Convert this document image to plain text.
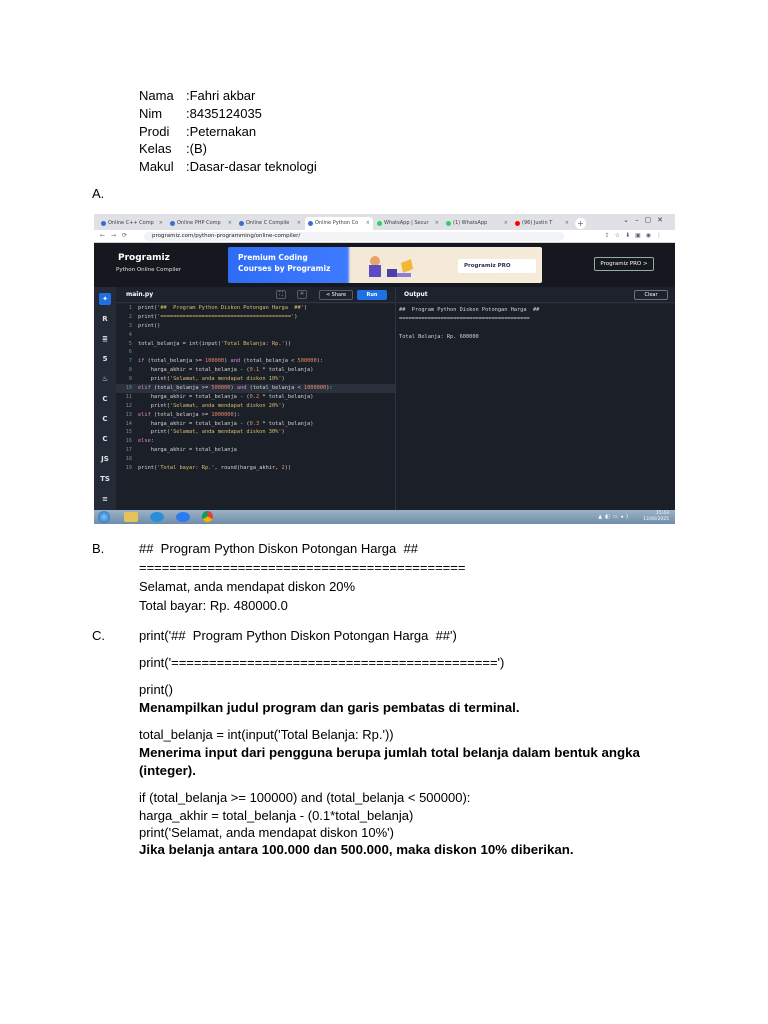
Nama :Fahri akbar
Nim	:8435124035
Prodi	:Peternakan
Kelas	:(B)
Makul :Dasar-dasar teknologi
A.
Online C++ Comp ×	Online PHP Comp ×	Online C Compile ×	Online Python Co ×	WhatsApp | Secur ×	(1) WhatsApp	×	(96) Justin T	× +	⌄–▢✕
←→⟳	programiz.com/python-programming/online-compiler/	⇪☆⬇▣◉⋮
Programiz
Python Online Compiler
Premium Coding
Courses by Programiz	Programiz PRO	Programiz PRO >
✦
R
≣
5
♨
C
C
C
JS
TS
≡
main.py	⛶	☼	⋖ Share	Run
1 print('##  Program Python Diskon Potongan Harga  ##')
2 print('=========================================')
3 print()
4
5 total_belanja = int(input('Total Belanja: Rp.'))
6
7 if (total_belanja >= 100000) and (total_belanja < 500000):
8    harga_akhir = total_belanja - (0.1 * total_belanja)
9    print('Selamat, anda mendapat diskon 10%')
10 elif (total_belanja >= 500000) and (total_belanja < 1000000):
11    harga_akhir = total_belanja - (0.2 * total_belanja)
12    print('Selamat, anda mendapat diskon 20%')
13 elif (total_belanja >= 1000000):
14    harga_akhir = total_belanja - (0.3 * total_belanja)
15    print('Selamat, anda mendapat diskon 30%')
16 else:
17    harga_akhir = total_belanja
18
19 print('Total bayar: Rp.', round(harga_akhir, 2))
Output	Clear
##  Program Python Diskon Potongan Harga  ##
=========================================
Total Belanja: Rp. 600000
▲◧▭◂)
15:43
13/06/2025
B.	##  Program Python Diskon Potongan Harga  ##
===========================================
Selamat, anda mendapat diskon 20%
Total bayar: Rp. 480000.0
C.	print('##  Program Python Diskon Potongan Harga  ##')
print('===========================================')
print()
Menampilkan judul program dan garis pembatas di terminal.
total_belanja = int(input('Total Belanja: Rp.'))
Menerima input dari pengguna berupa jumlah total belanja dalam bentuk angka (integer).
if (total_belanja >= 100000) and (total_belanja < 500000):
harga_akhir = total_belanja - (0.1*total_belanja)
print('Selamat, anda mendapat diskon 10%')
Jika belanja antara 100.000 dan 500.000, maka diskon 10% diberikan.
